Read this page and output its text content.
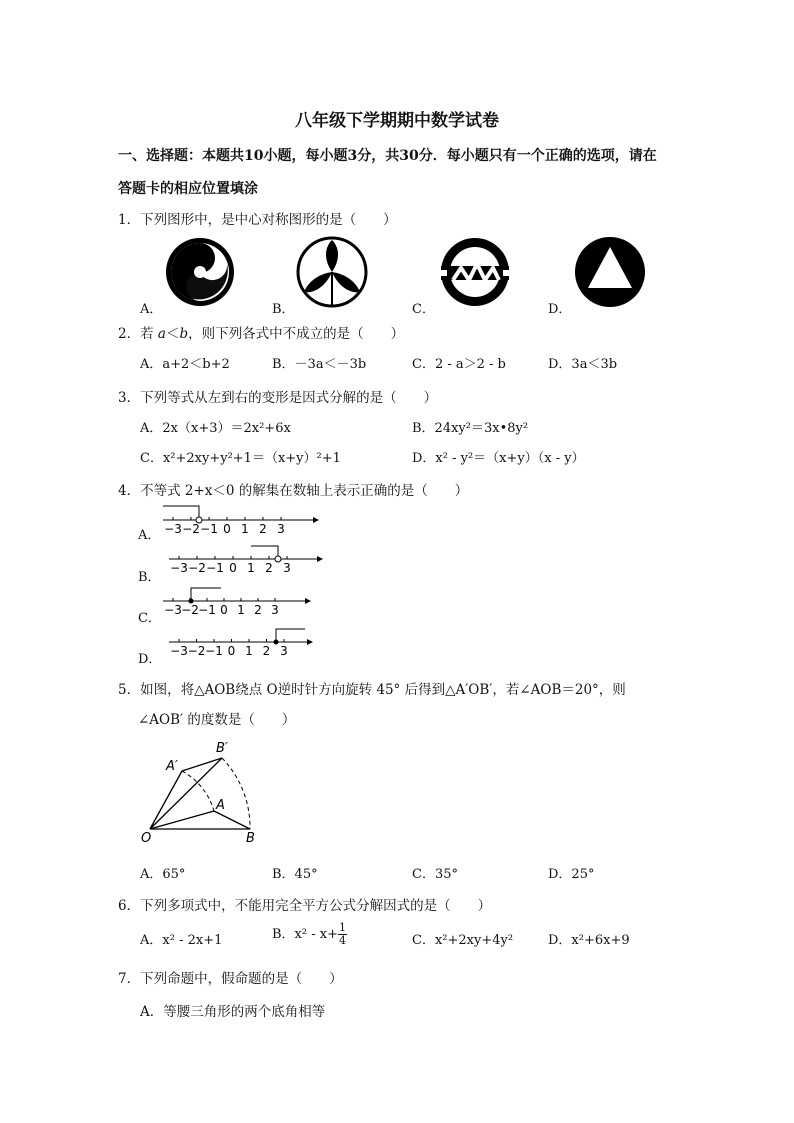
八年级下学期期中数学试卷
一、选择题：本题共10小题，每小题3分，共30分．每小题只有一个正确的选项，请在
答题卡的相应位置填涂
1．下列图形中，是中心对称图形的是（　　）
A．	B．	C．	D．
2．若 a＜b，则下列各式中不成立的是（　　）
A．a+2＜b+2	B．－3a＜－3b	C．2 - a＞2 - b	D．3a＜3b
3．下列等式从左到右的变形是因式分解的是（　　）
A．2x（x+3）＝2x²+6x	B．24xy²＝3x•8y²
C．x²+2xy+y²+1＝（x+y）²+1	D．x² - y²＝（x+y）（x - y）
4．不等式 2+x＜0 的解集在数轴上表示正确的是（　　）
A．
B．
C．
D．
−3 −2 −1 0 1 2 3
−3 −2 −1 0 1 2 3
−3 −2 −1 0 1 2 3
−3 −2 −1 0 1 2 3
5．如图，将△AOB绕点 O逆时针方向旋转 45° 后得到△A′OB′，若∠AOB＝20°，则
∠AOB′ 的度数是（　　）
A′
B′
A
O	B
A．65°	B．45°	C．35°	D．25°
6．下列多项式中，不能用完全平方公式分解因式的是（　　）
A．x² - 2x+1	B．$x^2 - x+ \frac{1}{4}$	C．x²+2xy+4y²	D．x²+6x+9
7．下列命题中，假命题的是（　　）
A．等腰三角形的两个底角相等
